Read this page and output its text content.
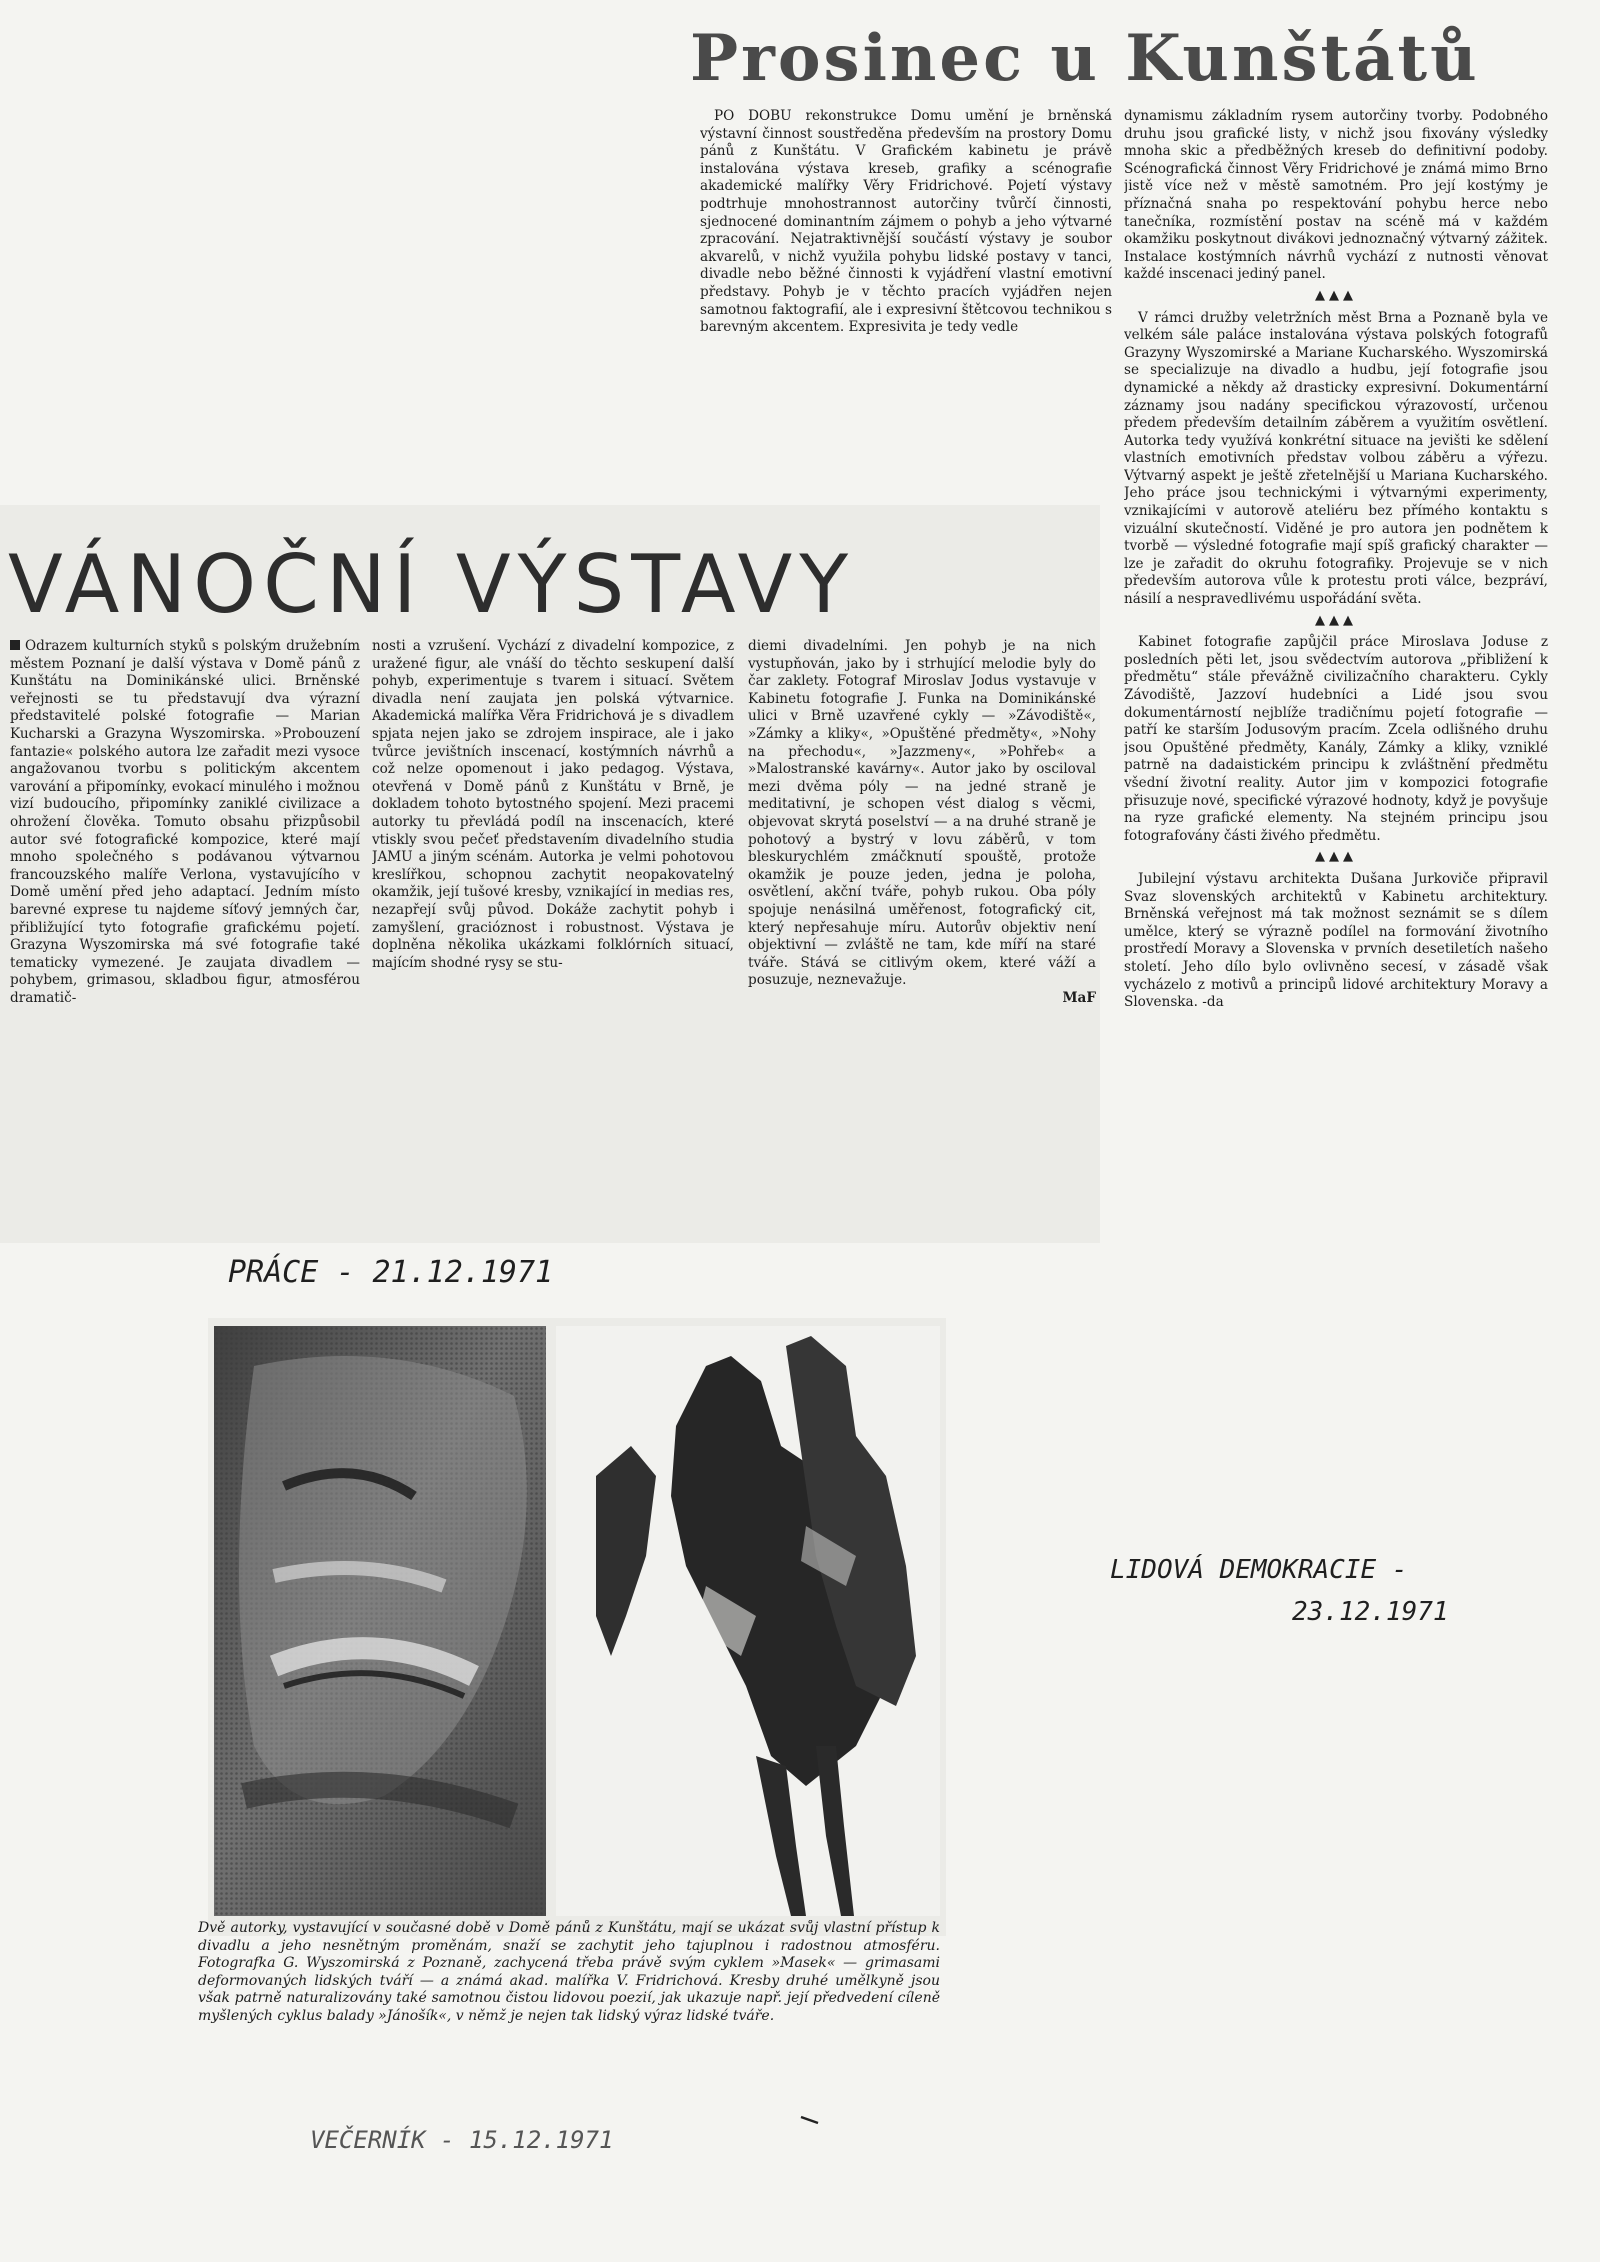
Prosinec u Kunštátů

PO DOBU rekonstrukce Domu umění je brněnská výstavní činnost soustředěna především na prostory Domu pánů z Kunštátu. V Grafickém kabinetu je právě instalována výstava kreseb, grafiky a scénografie akademické malířky Věry Fridrichové. Pojetí výstavy podtrhuje mnohostrannost autorčiny tvůrčí činnosti, sjednocené dominantním zájmem o pohyb a jeho výtvarné zpracování. Nejatraktivnější součástí výstavy je soubor akvarelů, v nichž využila pohybu lidské postavy v tanci, divadle nebo běžné činnosti k vyjádření vlastní emotivní představy. Pohyb je v těchto pracích vyjádřen nejen samotnou faktografií, ale i expresivní štětcovou technikou s barevným akcentem. Expresivita je tedy vedle

dynamismu základním rysem autorčiny tvorby. Podobného druhu jsou grafické listy, v nichž jsou fixovány výsledky mnoha skic a předběžných kreseb do definitivní podoby. Scénografická činnost Věry Fridrichové je známá mimo Brno jistě více než v městě samotném. Pro její kostýmy je příznačná snaha po respektování pohybu herce nebo tanečníka, rozmístění postav na scéně má v každém okamžiku poskytnout divákovi jednoznačný výtvarný zážitek. Instalace kostýmních návrhů vychází z nutnosti věnovat každé inscenaci jediný panel.

▲▲▲

V rámci družby veletržních měst Brna a Poznaně byla ve velkém sále paláce instalována výstava polských fotografů Grazyny Wyszomirské a Mariane Kucharského. Wyszomirská se specializuje na divadlo a hudbu, její fotografie jsou dynamické a někdy až drasticky expresivní. Dokumentární záznamy jsou nadány specifickou výrazovostí, určenou předem především detailním záběrem a využitím osvětlení. Autorka tedy využívá konkrétní situace na jevišti ke sdělení vlastních emotivních představ volbou záběru a výřezu. Výtvarný aspekt je ještě zřetelnější u Mariana Kucharského. Jeho práce jsou technickými i výtvarnými experimenty, vznikajícími v autorově ateliéru bez přímého kontaktu s vizuální skutečností. Viděné je pro autora jen podnětem k tvorbě — výsledné fotografie mají spíš grafický charakter — lze je zařadit do okruhu fotografiky. Projevuje se v nich především autorova vůle k protestu proti válce, bezpráví, násilí a nespravedlivému uspořádání světa.

▲▲▲

Kabinet fotografie zapůjčil práce Miroslava Joduse z posledních pěti let, jsou svědectvím autorova „přibližení k předmětu“ stále převážně civilizačního charakteru. Cykly Závodiště, Jazzoví hudebníci a Lidé jsou svou dokumentárností nejblíže tradičnímu pojetí fotografie — patří ke starším Jodusovým pracím. Zcela odlišného druhu jsou Opuštěné předměty, Kanály, Zámky a kliky, vzniklé patrně na dadaistickém principu k zvláštnění předmětu všední životní reality. Autor jim v kompozici fotografie přisuzuje nové, specifické výrazové hodnoty, když je povyšuje na ryze grafické elementy. Na stejném principu jsou fotografovány části živého předmětu.

▲▲▲

Jubilejní výstavu architekta Dušana Jurkoviče připravil Svaz slovenských architektů v Kabinetu architektury. Brněnská veřejnost má tak možnost seznámit se s dílem umělce, který se výrazně podílel na formování životního prostředí Moravy a Slovenska v prvních desetiletích našeho století. Jeho dílo bylo ovlivněno secesí, v zásadě však vycházelo z motivů a principů lidové architektury Moravy a Slovenska. -da

VÁNOČNÍ VÝSTAVY

Odrazem kulturních styků s polským družebním městem Poznaní je další výstava v Domě pánů z Kunštátu na Dominikánské ulici. Brněnské veřejnosti se tu představují dva výrazní představitelé polské fotografie — Marian Kucharski a Grazyna Wyszomirska. »Probouzení fantazie« polského autora lze zařadit mezi vysoce angažovanou tvorbu s politickým akcentem varování a připomínky, evokací minulého i možnou vizí budoucího, připomínky zaniklé civilizace a ohrožení člověka. Tomuto obsahu přizpůsobil autor své fotografické kompozice, které mají mnoho společného s podávanou výtvarnou francouzského malíře Verlona, vystavujícího v Domě umění před jeho adaptací. Jedním místo barevné exprese tu najdeme síťový jemných čar, přibližující tyto fotografie grafickému pojetí. Grazyna Wyszomirska má své fotografie také tematicky vymezené. Je zaujata divadlem — pohybem, grimasou, skladbou figur, atmosférou dramatič-

nosti a vzrušení. Vychází z divadelní kompozice, z uražené figur, ale vnáší do těchto seskupení další pohyb, experimentuje s tvarem i situací. Světem divadla není zaujata jen polská výtvarnice. Akademická malířka Věra Fridrichová je s divadlem spjata nejen jako se zdrojem inspirace, ale i jako tvůrce jevištních inscenací, kostýmních návrhů a což nelze opomenout i jako pedagog. Výstava, otevřená v Domě pánů z Kunštátu v Brně, je dokladem tohoto bytostného spojení. Mezi pracemi autorky tu převládá podíl na inscenacích, které vtiskly svou pečeť představením divadelního studia JAMU a jiným scénám. Autorka je velmi pohotovou kreslířkou, schopnou zachytit neopakovatelný okamžik, její tušové kresby, vznikající in medias res, nezapřejí svůj původ. Dokáže zachytit pohyb i zamyšlení, gracióznost i robustnost. Výstava je doplněna několika ukázkami folklórních situací, majícím shodné rysy se stu-

diemi divadelními. Jen pohyb je na nich vystupňován, jako by i strhující melodie byly do čar zaklety. Fotograf Miroslav Jodus vystavuje v Kabinetu fotografie J. Funka na Dominikánské ulici v Brně uzavřené cykly — »Závodiště«, »Zámky a kliky«, »Opuštěné předměty«, »Nohy na přechodu«, »Jazzmeny«, »Pohřeb« a »Malostranské kavárny«. Autor jako by osciloval mezi dvěma póly — na jedné straně je meditativní, je schopen vést dialog s věcmi, objevovat skrytá poselství — a na druhé straně je pohotový a bystrý v lovu záběrů, v tom bleskurychlém zmáčknutí spouště, protože okamžik je pouze jeden, jedna je poloha, osvětlení, akční tváře, pohyb rukou. Oba póly spojuje nenásilná uměřenost, fotografický cit, který nepřesahuje míru. Autorův objektiv není objektivní — zvláště ne tam, kde míří na staré tváře. Stává se citlivým okem, které váží a posuzuje, neznevažuje.

MaF
PRÁCE - 21.12.1971
LIDOVÁ DEMOKRACIE -
23.12.1971
VEČERNÍK - 15.12.1971
Dvě autorky, vystavující v současné době v Domě pánů z Kunštátu, mají se ukázat svůj vlastní přístup k divadlu a jeho nesnětným proměnám, snaží se zachytit jeho tajuplnou i radostnou atmosféru. Fotografka G. Wyszomirská z Poznaně, zachycená třeba právě svým cyklem »Masek« — grimasami deformovaných lidských tváří — a známá akad. malířka V. Fridrichová. Kresby druhé umělkyně jsou však patrně naturalizovány také samotnou čistou lidovou poezií, jak ukazuje např. její předvedení cíleně myšlených cyklus balady »Jánošík«, v němž je nejen tak lidský výraz lidské tváře.
